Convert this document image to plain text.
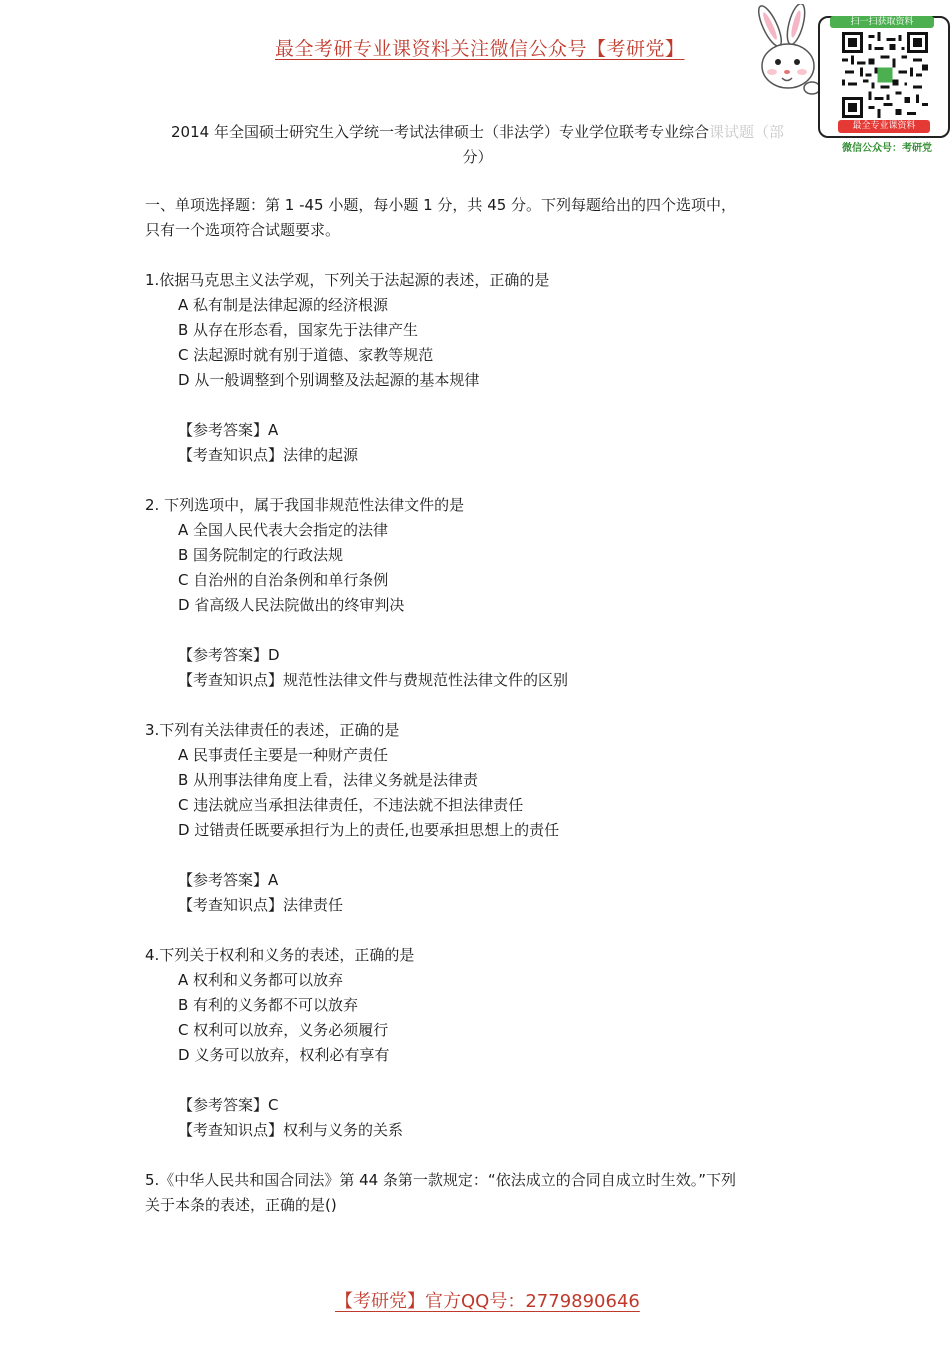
最全考研专业课资料关注微信公众号【考研党】
扫一扫获取资料
最全专业课资料
微信公众号：考研党
2014 年全国硕士研究生入学统一考试法律硕士（非法学）专业学位联考专业综合课试题（部
分）
一、单项选择题：第 1 -45 小题，每小题 1 分，共 45 分。下列每题给出的四个选项中，
只有一个选项符合试题要求。
1.依据马克思主义法学观，下列关于法起源的表述，正确的是
A 私有制是法律起源的经济根源
B 从存在形态看，国家先于法律产生
C 法起源时就有别于道德、家教等规范
D 从一般调整到个别调整及法起源的基本规律
【参考答案】A
【考查知识点】法律的起源
2. 下列选项中，属于我国非规范性法律文件的是
A 全国人民代表大会指定的法律
B 国务院制定的行政法规
C 自治州的自治条例和单行条例
D 省高级人民法院做出的终审判决
【参考答案】D
【考查知识点】规范性法律文件与费规范性法律文件的区别
3.下列有关法律责任的表述，正确的是
A 民事责任主要是一种财产责任
B 从刑事法律角度上看，法律义务就是法律责
C 违法就应当承担法律责任，不违法就不担法律责任
D 过错责任既要承担行为上的责任,也要承担思想上的责任
【参考答案】A
【考查知识点】法律责任
4.下列关于权利和义务的表述，正确的是
A 权利和义务都可以放弃
B 有利的义务都不可以放弃
C 权利可以放弃，义务必须履行
D 义务可以放弃，权利必有享有
【参考答案】C
【考查知识点】权利与义务的关系
5.《中华人民共和国合同法》第 44 条第一款规定：“依法成立的合同自成立时生效。”下列
关于本条的表述，正确的是()
【考研党】官方QQ号：2779890646
